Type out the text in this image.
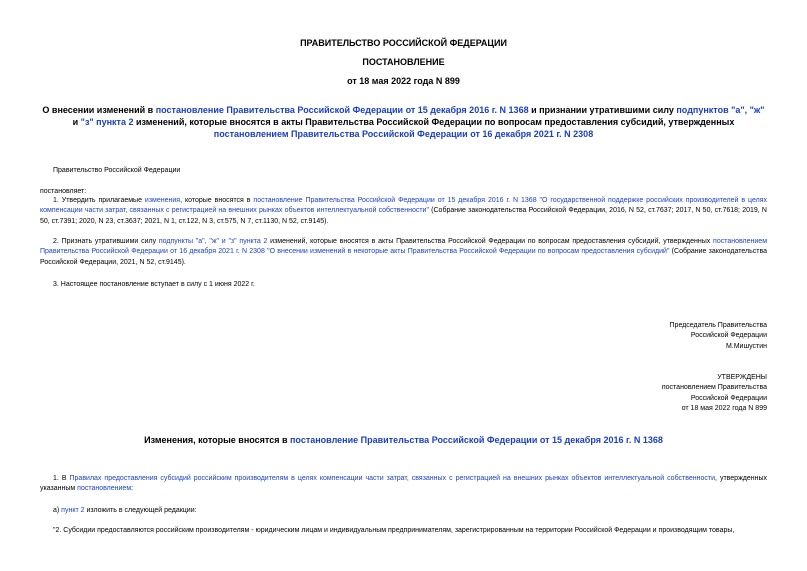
ПРАВИТЕЛЬСТВО РОССИЙСКОЙ ФЕДЕРАЦИИ
ПОСТАНОВЛЕНИЕ
от 18 мая 2022 года N 899
О внесении изменений в постановление Правительства Российской Федерации от 15 декабря 2016 г. N 1368 и признании утратившими силу подпунктов "а", "ж" и "з" пункта 2 изменений, которые вносятся в акты Правительства Российской Федерации по вопросам предоставления субсидий, утвержденных постановлением Правительства Российской Федерации от 16 декабря 2021 г. N 2308
Правительство Российской Федерации
постановляет:
1. Утвердить прилагаемые изменения, которые вносятся в постановление Правительства Российской Федерации от 15 декабря 2016 г. N 1368 "О государственной поддержке российских производителей в целях компенсации части затрат, связанных с регистрацией на внешних рынках объектов интеллектуальной собственности" (Собрание законодательства Российской Федерации, 2016, N 52, ст.7637; 2017, N 50, ст.7618; 2019, N 50, ст.7391; 2020, N 23, ст.3637; 2021, N 1, ст.122, N 3, ст.575, N 7, ст.1130, N 52, ст.9145).
2. Признать утратившими силу подпункты "а", "ж" и "з" пункта 2 изменений, которые вносятся в акты Правительства Российской Федерации по вопросам предоставления субсидий, утвержденных постановлением Правительства Российской Федерации от 16 декабря 2021 г. N 2308 "О внесении изменений в некоторые акты Правительства Российской Федерации по вопросам предоставления субсидий" (Собрание законодательства Российской Федерации, 2021, N 52, ст.9145).
3. Настоящее постановление вступает в силу с 1 июня 2022 г.
Председатель Правительства
Российской Федерации
М.Мишустин
УТВЕРЖДЕНЫ
постановлением Правительства
Российской Федерации
от 18 мая 2022 года N 899
Изменения, которые вносятся в постановление Правительства Российской Федерации от 15 декабря 2016 г. N 1368
1. В Правилах предоставления субсидий российским производителям в целях компенсации части затрат, связанных с регистрацией на внешних рынках объектов интеллектуальной собственности, утвержденных указанным постановлением:
а) пункт 2 изложить в следующей редакции:
"2. Субсидии предоставляются российским производителям - юридическим лицам и индивидуальным предпринимателям, зарегистрированным на территории Российской Федерации и производящим товары,
